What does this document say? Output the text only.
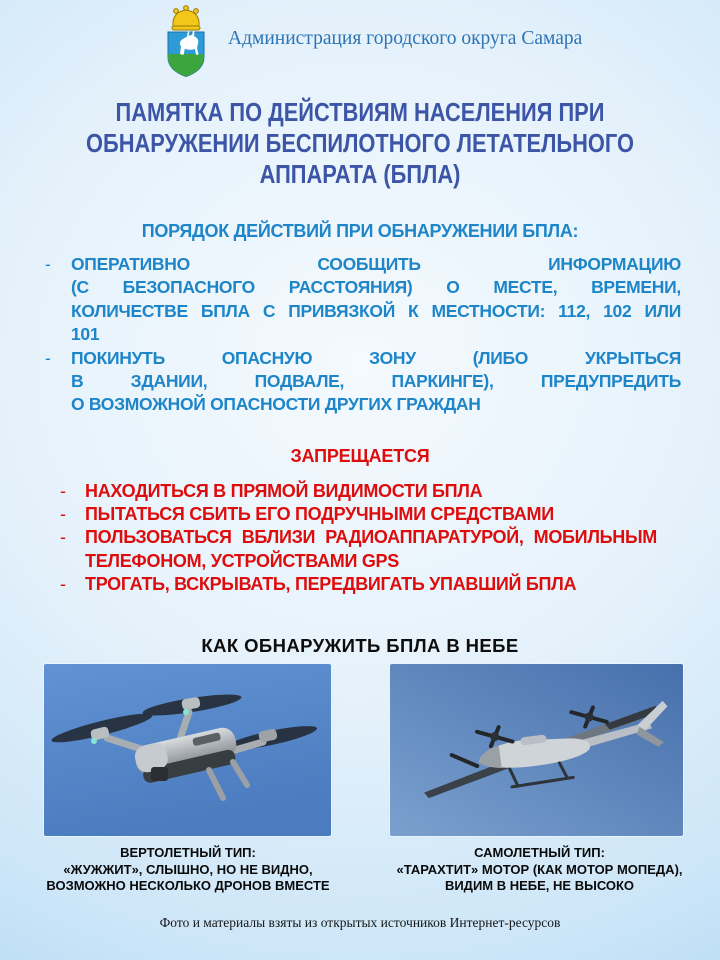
Администрация городского округа Самара
ПАМЯТКА ПО ДЕЙСТВИЯМ НАСЕЛЕНИЯ ПРИ
ОБНАРУЖЕНИИ БЕСПИЛОТНОГО ЛЕТАТЕЛЬНОГО
АППАРАТА (БПЛА)
ПОРЯДОК ДЕЙСТВИЙ ПРИ ОБНАРУЖЕНИИ БПЛА:
- ОПЕРАТИВНО СООБЩИТЬ ИНФОРМАЦИЮ
(С БЕЗОПАСНОГО РАССТОЯНИЯ) О МЕСТЕ, ВРЕМЕНИ,
КОЛИЧЕСТВЕ БПЛА С ПРИВЯЗКОЙ К МЕСТНОСТИ: 112, 102 ИЛИ
101
- ПОКИНУТЬ ОПАСНУЮ ЗОНУ (ЛИБО УКРЫТЬСЯ
В ЗДАНИИ, ПОДВАЛЕ, ПАРКИНГЕ), ПРЕДУПРЕДИТЬ
О ВОЗМОЖНОЙ ОПАСНОСТИ ДРУГИХ ГРАЖДАН
ЗАПРЕЩАЕТСЯ
- НАХОДИТЬСЯ В ПРЯМОЙ ВИДИМОСТИ БПЛА
- ПЫТАТЬСЯ СБИТЬ ЕГО ПОДРУЧНЫМИ СРЕДСТВАМИ
- ПОЛЬЗОВАТЬСЯ ВБЛИЗИ РАДИОАППАРАТУРОЙ, МОБИЛЬНЫМ
ТЕЛЕФОНОМ, УСТРОЙСТВАМИ GPS
- ТРОГАТЬ, ВСКРЫВАТЬ, ПЕРЕДВИГАТЬ УПАВШИЙ БПЛА
КАК ОБНАРУЖИТЬ БПЛА В НЕБЕ
ВЕРТОЛЕТНЫЙ ТИП:
«ЖУЖЖИТ», СЛЫШНО, НО НЕ ВИДНО,
ВОЗМОЖНО НЕСКОЛЬКО ДРОНОВ ВМЕСТЕ
САМОЛЕТНЫЙ ТИП:
«ТАРАХТИТ» МОТОР (КАК МОТОР МОПЕДА),
ВИДИМ В НЕБЕ, НЕ ВЫСОКО
Фото и материалы взяты из открытых источников Интернет-ресурсов
